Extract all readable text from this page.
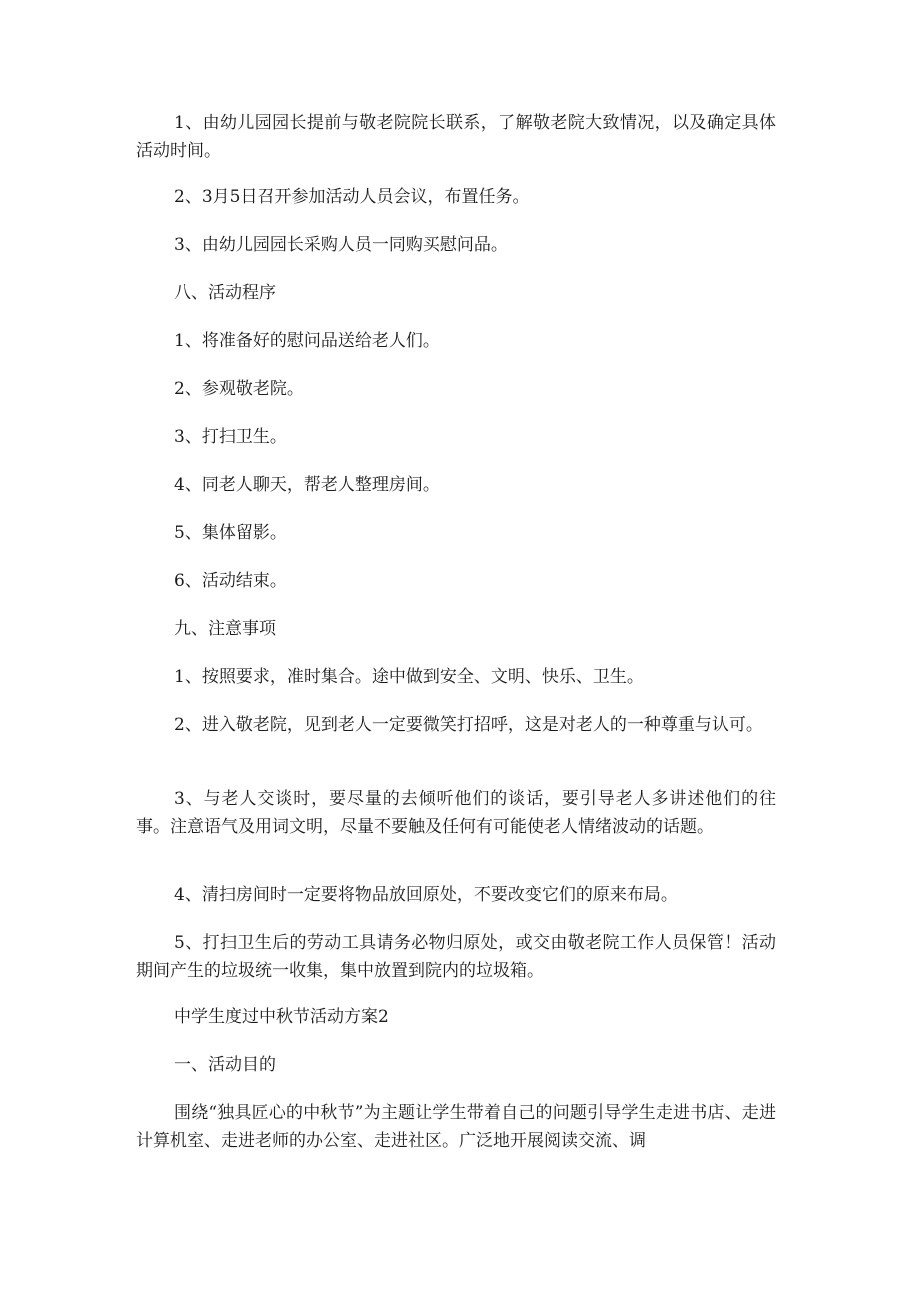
1、由幼儿园园长提前与敬老院院长联系，了解敬老院大致情况，以及确定具体活动时间。

2、3月5日召开参加活动人员会议，布置任务。

3、由幼儿园园长采购人员一同购买慰问品。

八、活动程序

1、将准备好的慰问品送给老人们。

2、参观敬老院。

3、打扫卫生。

4、同老人聊天，帮老人整理房间。

5、集体留影。

6、活动结束。

九、注意事项

1、按照要求，准时集合。途中做到安全、文明、快乐、卫生。

2、进入敬老院，见到老人一定要微笑打招呼，这是对老人的一种尊重与认可。

3、与老人交谈时，要尽量的去倾听他们的谈话，要引导老人多讲述他们的往事。注意语气及用词文明，尽量不要触及任何有可能使老人情绪波动的话题。

4、清扫房间时一定要将物品放回原处，不要改变它们的原来布局。

5、打扫卫生后的劳动工具请务必物归原处，或交由敬老院工作人员保管！活动期间产生的垃圾统一收集，集中放置到院内的垃圾箱。

中学生度过中秋节活动方案2

一、活动目的

围绕“独具匠心的中秋节”为主题让学生带着自己的问题引导学生走进书店、走进计算机室、走进老师的办公室、走进社区。广泛地开展阅读交流、调
